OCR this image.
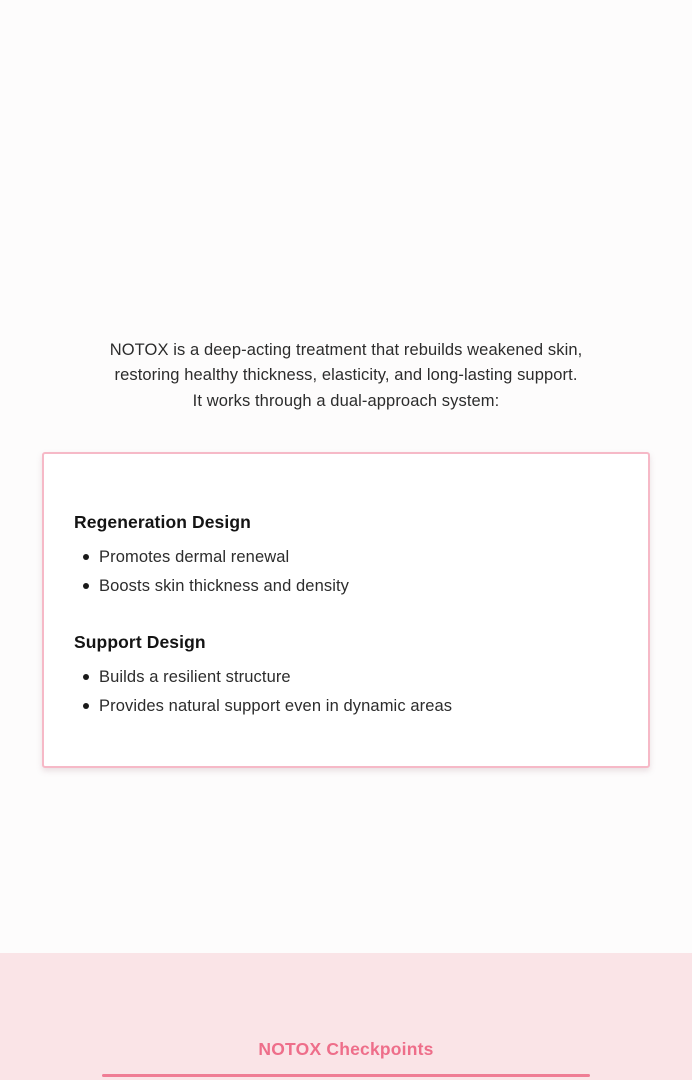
NOTOX is a deep-acting treatment that rebuilds weakened skin,
restoring healthy thickness, elasticity, and long-lasting support.
It works through a dual-approach system:

Regeneration Design
Promotes dermal renewal
Boosts skin thickness and density
Support Design
Builds a resilient structure
Provides natural support even in dynamic areas
NOTOX Checkpoints
